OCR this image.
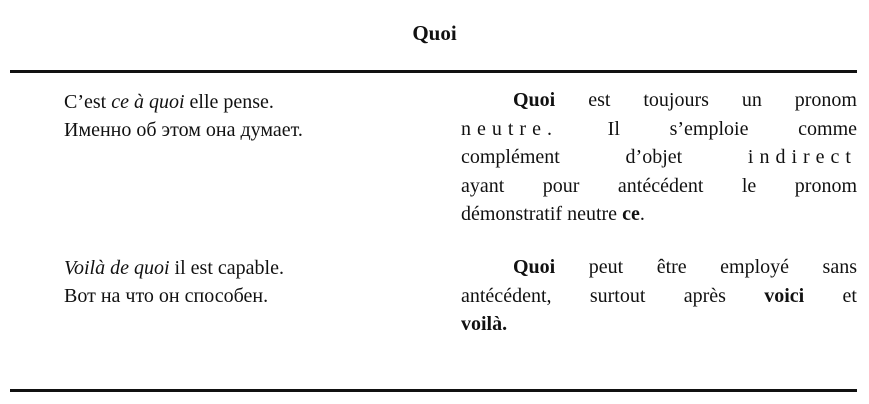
Quoi
C’est ce à quoi elle pense.
Именно об этом она думает.
Quoi est toujours un pronom
neutre. Il s’emploie comme
complément d’objet indirect
ayant pour antécédent le pronom
démonstratif neutre ce.
Voilà de quoi il est capable.
Вот на что он способен.
Quoi peut être employé sans
antécédent, surtout après voici et
voilà.
